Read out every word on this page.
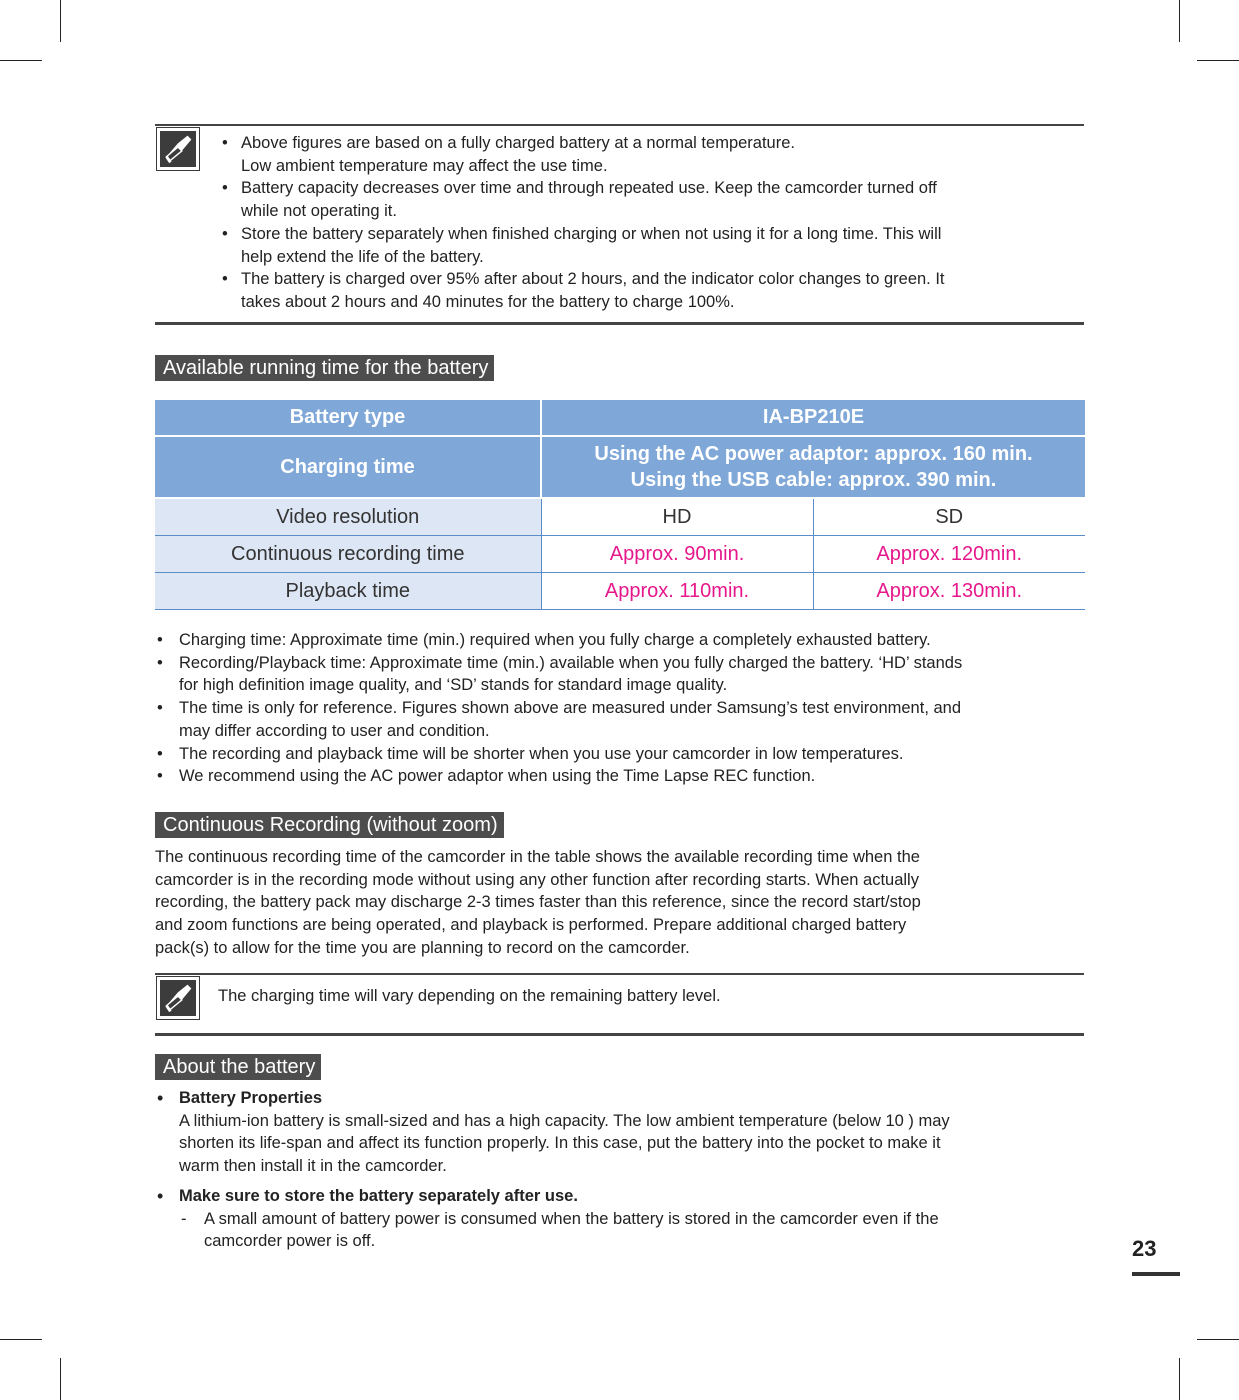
• Above figures are based on a fully charged battery at a normal temperature.
Low ambient temperature may affect the use time.
• Battery capacity decreases over time and through repeated use. Keep the camcorder turned off
while not operating it.
• Store the battery separately when finished charging or when not using it for a long time. This will
help extend the life of the battery.
• The battery is charged over 95% after about 2 hours, and the indicator color changes to green. It
takes about 2 hours and 40 minutes for the battery to charge 100%.
Available running time for the battery
Battery type	IA-BP210E	
Charging time	Using the AC power adaptor: approx. 160 min.
Using the USB cable: approx. 390 min.	
Video resolution	HD	SD
Continuous recording time	Approx. 90min.	Approx. 120min.
Playback time	Approx. 110min.	Approx. 130min.
• Charging time: Approximate time (min.) required when you fully charge a completely exhausted battery.
• Recording/Playback time: Approximate time (min.) available when you fully charged the battery. ‘HD’ stands
for high definition image quality, and ‘SD’ stands for standard image quality.
• The time is only for reference. Figures shown above are measured under Samsung’s test environment, and
may differ according to user and condition.
• The recording and playback time will be shorter when you use your camcorder in low temperatures.
• We recommend using the AC power adaptor when using the Time Lapse REC function.
Continuous Recording (without zoom)
The continuous recording time of the camcorder in the table shows the available recording time when the
camcorder is in the recording mode without using any other function after recording starts. When actually
recording, the battery pack may discharge 2-3 times faster than this reference, since the record start/stop
and zoom functions are being operated, and playback is performed. Prepare additional charged battery
pack(s) to allow for the time you are planning to record on the camcorder.
The charging time will vary depending on the remaining battery level.
About the battery
• Battery Properties
A lithium-ion battery is small-sized and has a high capacity. The low ambient temperature (below 10 ) may
shorten its life-span and affect its function properly. In this case, put the battery into the pocket to make it
warm then install it in the camcorder.
• Make sure to store the battery separately after use.
- A small amount of battery power is consumed when the battery is stored in the camcorder even if the
camcorder power is off.	23
